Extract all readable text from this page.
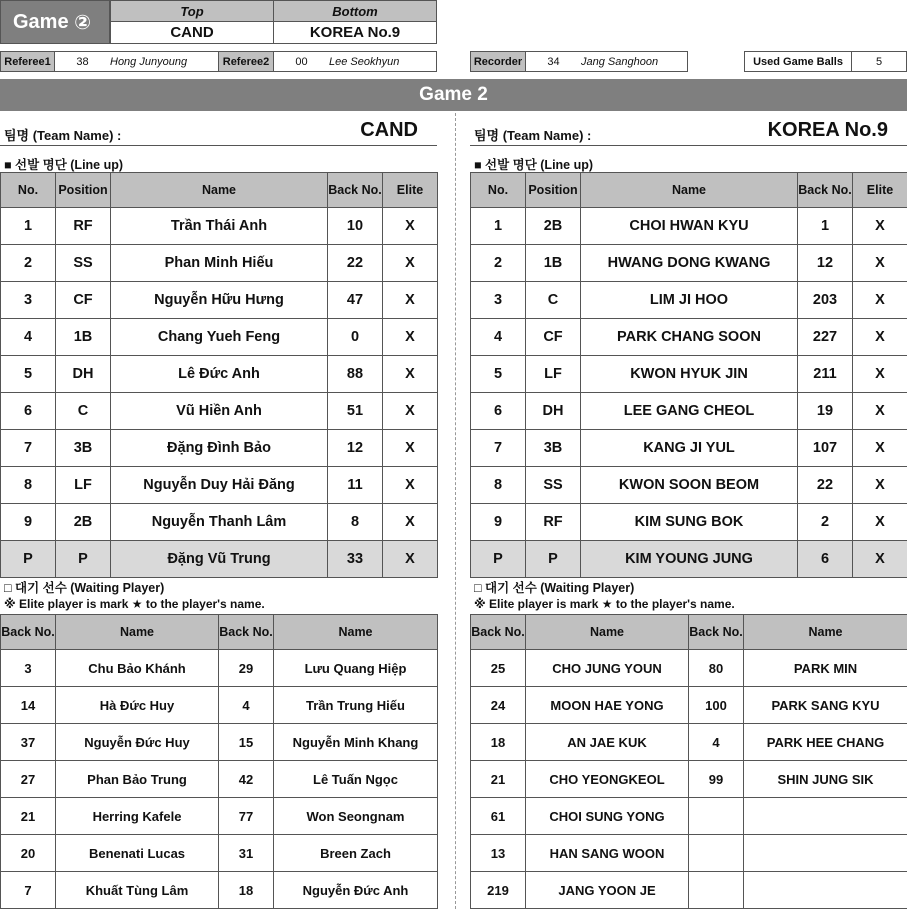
Game
②
Top	Bottom
CAND	KOREA No.9
Referee1	38	Hong Junyoung	Referee2	00	Lee Seokhyun	Recorder	34	Jang Sanghoon	Used Game Balls	5
Game 2
팀명 (Team Name) :	CAND	팀명 (Team Name) :	KOREA No.9
■ 선발 명단 (Line up)	■ 선발 명단 (Line up)
No.	Position	Name	Back No.	Elite
1	RF	Trần Thái Anh	10	X
2	SS	Phan Minh Hiếu	22	X
3	CF	Nguyễn Hữu Hưng	47	X
4	1B	Chang Yueh Feng	0	X
5	DH	Lê Đức Anh	88	X
6	C	Vũ Hiền Anh	51	X
7	3B	Đặng Đình Bảo	12	X
8	LF	Nguyễn Duy Hải Đăng	11	X
9	2B	Nguyễn Thanh Lâm	8	X
P	P	Đặng Vũ Trung	33	X
No.	Position	Name	Back No.	Elite
1	2B	CHOI HWAN KYU	1	X
2	1B	HWANG DONG KWANG	12	X
3	C	LIM JI HOO	203	X
4	CF	PARK CHANG SOON	227	X
5	LF	KWON HYUK JIN	211	X
6	DH	LEE GANG CHEOL	19	X
7	3B	KANG JI YUL	107	X
8	SS	KWON SOON BEOM	22	X
9	RF	KIM SUNG BOK	2	X
P	P	KIM YOUNG JUNG	6	X
□ 대기 선수 (Waiting Player)
※ Elite player is mark ★ to the player's name.
□ 대기 선수 (Waiting Player)
※ Elite player is mark ★ to the player's name.
Back No.	Name	Back No.	Name
3	Chu Bảo Khánh	29	Lưu Quang Hiệp
14	Hà Đức Huy	4	Trần Trung Hiếu
37	Nguyễn Đức Huy	15	Nguyễn Minh Khang
27	Phan Bảo Trung	42	Lê Tuấn Ngọc
21	Herring Kafele	77	Won Seongnam
20	Benenati Lucas	31	Breen Zach
7	Khuất Tùng Lâm	18	Nguyễn Đức Anh
Back No.	Name	Back No.	Name
25	CHO JUNG YOUN	80	PARK MIN
24	MOON HAE YONG	100	PARK SANG KYU
18	AN JAE KUK	4	PARK HEE CHANG
21	CHO YEONGKEOL	99	SHIN JUNG SIK
61	CHOI SUNG YONG		
13	HAN SANG WOON		
219	JANG YOON JE		
